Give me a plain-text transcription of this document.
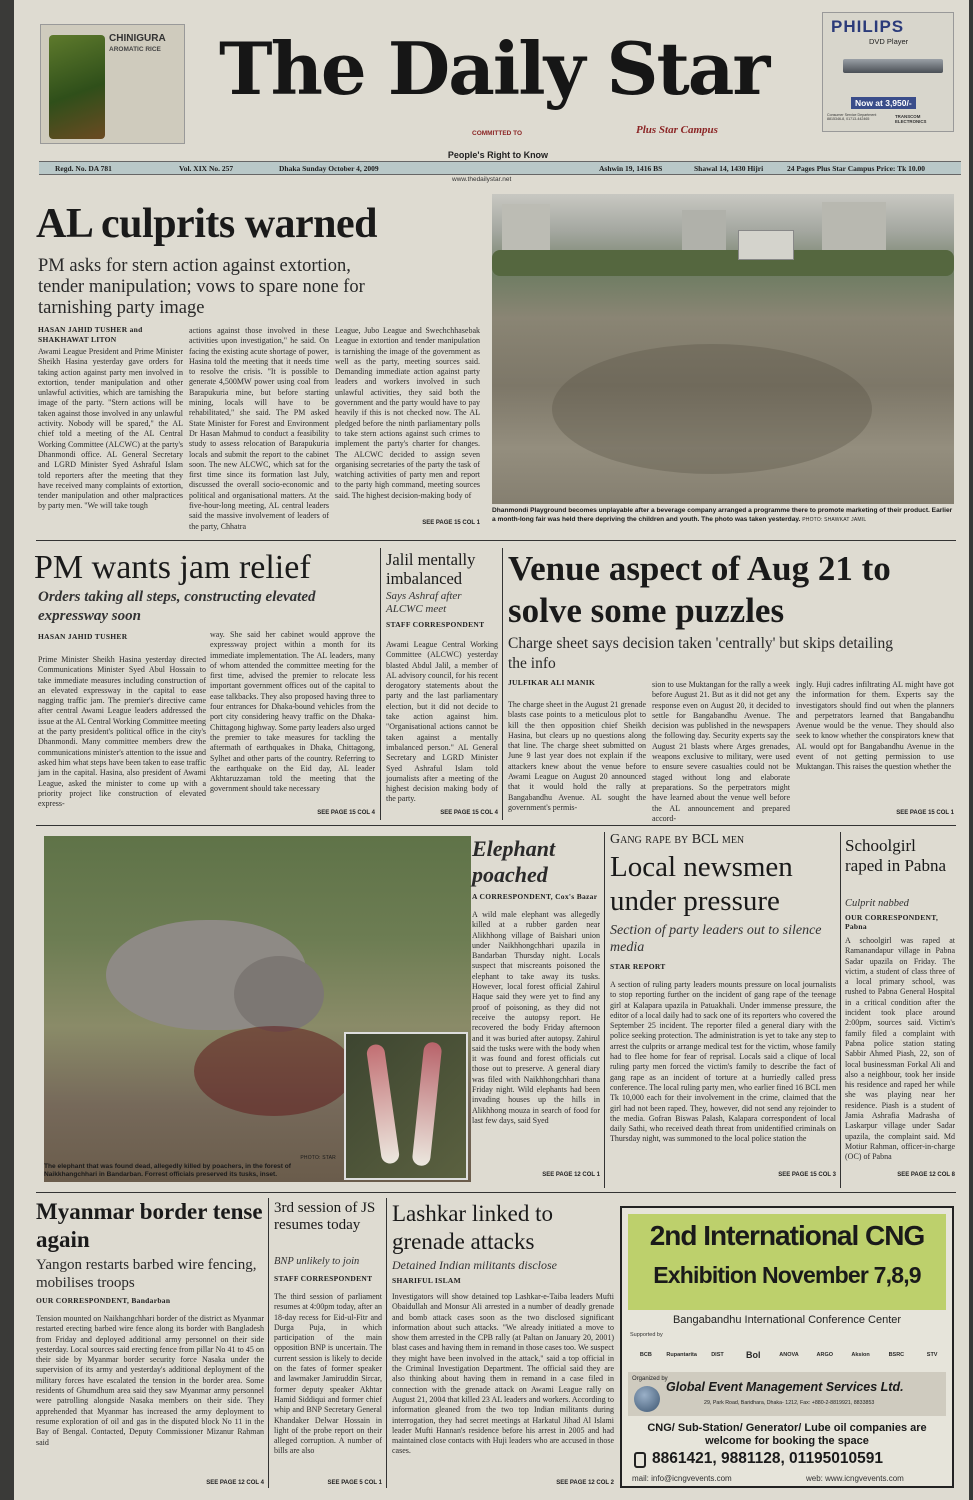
CHINIGURA
AROMATIC RICE The Daily Star
COMMITTED TO
People's Right to Know
PHILIPS
DVD Player
Now at 3,950/-
Consumer Service Department 8815346-8, 01713-442465
TRANSCOM ELECTRONICS
Plus Star Campus
Regd. No. DA 781	Vol. XIX No. 257	Dhaka Sunday October 4, 2009	Ashwin 19, 1416 BS	Shawal 14, 1430 Hijri	24 Pages Plus Star Campus Price: Tk 10.00
www.thedailystar.net
AL culprits warned
PM asks for stern action against extortion, tender manipulation; vows to spare none for tarnishing party image
HASAN JAHID TUSHER and SHAKHAWAT LITON
Awami League President and Prime Minister Sheikh Hasina yesterday gave orders for taking action against party men involved in extortion, tender manipulation and other unlawful activities, which are tarnishing the image of the party. "Stern actions will be taken against those involved in any unlawful activity. Nobody will be spared," the AL chief told a meeting of the AL Central Working Committee (ALCWC) at the party's Dhanmondi office. AL General Secretary and LGRD Minister Syed Ashraful Islam told reporters after the meeting that they have received many complaints of extortion, tender manipulation and other malpractices by party men. "We will take tough
actions against those involved in these activities upon investigation," he said. On facing the existing acute shortage of power, Hasina told the meeting that it needs time to resolve the crisis. "It is possible to generate 4,500MW power using coal from Barapukuria mine, but before starting mining, locals will have to be rehabilitated," she said. The PM asked State Minister for Forest and Environment Dr Hasan Mahmud to conduct a feasibility study to assess relocation of Barapukuria locals and submit the report to the cabinet soon. The new ALCWC, which sat for the first time since its formation last July, discussed the overall socio-economic and political and organisational matters. At the five-hour-long meeting, AL central leaders said the massive involvement of leaders of the party, Chhatra
League, Jubo League and Swechchhasebak League in extortion and tender manipulation is tarnishing the image of the government as well as the party, meeting sources said. Demanding immediate action against party leaders and workers involved in such unlawful activities, they said both the government and the party would have to pay heavily if this is not checked now. The AL pledged before the ninth parliamentary polls to take stern actions against such crimes to implement the party's charter for changes. The ALCWC decided to assign seven organising secretaries of the party the task of watching activities of party men and report to the party high command, meeting sources said. The highest decision-making body of
SEE PAGE 15 COL 1
Dhanmondi Playground becomes unplayable after a beverage company arranged a programme there to promote marketing of their product. Earlier a month-long fair was held there depriving the children and youth. The photo was taken yesterday. PHOTO: SHAWKAT JAMIL
PM wants jam relief
Orders taking all steps, constructing elevated expressway soon
HASAN JAHID TUSHER
Prime Minister Sheikh Hasina yesterday directed Communications Minister Syed Abul Hossain to take immediate measures including construction of an elevated expressway in the capital to ease nagging traffic jam. The premier's directive came after central Awami League leaders addressed the issue at the AL Central Working Committee meeting at the party president's political office in the city's Dhanmondi. Many committee members drew the communications minister's attention to the issue and asked him what steps have been taken to ease traffic jam in the capital. Hasina, also president of Awami League, asked the minister to come up with a priority project like construction of elevated express-
way. She said her cabinet would approve the expressway project within a month for its immediate implementation. The AL leaders, many of whom attended the committee meeting for the first time, advised the premier to relocate less important government offices out of the capital to ease talkbacks. They also proposed having three to four entrances for Dhaka-bound vehicles from the port city considering heavy traffic on the Dhaka-Chittagong highway. Some party leaders also urged the premier to take measures for tackling the aftermath of earthquakes in Dhaka, Chittagong, Sylhet and other parts of the country. Referring to the earthquake on the Eid day, AL leader Akhtaruzzaman told the meeting that the government should take necessary
SEE PAGE 15 COL 4
Jalil mentally imbalanced
Says Ashraf after ALCWC meet
STAFF CORRESPONDENT
Awami League Central Working Committee (ALCWC) yesterday blasted Abdul Jalil, a member of AL advisory council, for his recent derogatory statements about the party and the last parliamentary election, but it did not decide to take action against him. "Organisational actions cannot be taken against a mentally imbalanced person." AL General Secretary and LGRD Minister Syed Ashraful Islam told journalists after a meeting of the highest decision making body of the party.
SEE PAGE 15 COL 4
Venue aspect of Aug 21 to solve some puzzles
Charge sheet says decision taken 'centrally' but skips detailing the info
JULFIKAR ALI MANIK
The charge sheet in the August 21 grenade blasts case points to a meticulous plot to kill the then opposition chief Sheikh Hasina, but clears up no questions along that line. The charge sheet submitted on June 9 last year does not explain if the attackers knew about the venue before Awami League on August 20 announced that it would hold the rally at Bangabandhu Avenue. AL sought the government's permis-
sion to use Muktangan for the rally a week before August 21. But as it did not get any response even on August 20, it decided to settle for Bangabandhu Avenue. The decision was published in the newspapers the following day. Security experts say the August 21 blasts where Arges grenades, weapons exclusive to military, were used to ensure severe casualties could not be staged without long and elaborate preparations. So the perpetrators might have learned about the venue well before the AL announcement and prepared accord-
ingly. Huji cadres infiltrating AL might have got the information for them. Experts say the investigators should find out when the planners and perpetrators learned that Bangabandhu Avenue would be the venue. They should also seek to know whether the conspirators knew that AL would opt for Bangabandhu Avenue in the event of not getting permission to use Muktangan. This raises the question whether the
SEE PAGE 15 COL 1
PHOTO: STAR
The elephant that was found dead, allegedly killed by poachers, in the forest of Naikkhangchhari in Bandarban. Forrest officials preserved its tusks, inset.
Elephant poached
A CORRESPONDENT, Cox's Bazar
A wild male elephant was allegedly killed at a rubber garden near Alikhhong village of Baishari union under Naikhhongchhari upazila in Bandarban Thursday night. Locals suspect that miscreants poisoned the elephant to take away its tusks. However, local forest official Zahirul Haque said they were yet to find any proof of poisoning, as they did not receive the autopsy report. He recovered the body Friday afternoon and it was buried after autopsy. Zahirul said the tusks were with the body when it was found and forest officials cut those out to preserve. A general diary was filed with Naikhhongchhari thana Friday night. Wild elephants had been invading houses up the hills in Alikhhong mouza in search of food for last few days, said Syed
SEE PAGE 12 COL 1
Gang rape by BCL men
Local newsmen under pressure
Section of party leaders out to silence media
STAR REPORT
A section of ruling party leaders mounts pressure on local journalists to stop reporting further on the incident of gang rape of the teenage girl at Kalapara upazila in Patuakhali. Under immense pressure, the editor of a local daily had to sack one of its reporters who covered the September 25 incident. The reporter filed a general diary with the police seeking protection. The administration is yet to take any step to arrest the culprits or arrange medical test for the victim, whose family had to flee home for fear of reprisal. Locals said a clique of local ruling party men forced the victim's family to describe the fact of gang rape as an incident of torture at a hurriedly called press conference. The local ruling party men, who earlier fined 16 BCL men Tk 10,000 each for their involvement in the crime, claimed that the girl had not been raped. They, however, did not send any rejoinder to the media. Gofran Biswas Palash, Kalapara correspondent of local daily Sathi, who received death threat from unidentified criminals on Thursday night, was summoned to the local police station the
SEE PAGE 15 COL 3
Schoolgirl raped in Pabna
Culprit nabbed
OUR CORRESPONDENT, Pabna
A schoolgirl was raped at Ramanandapur village in Pabna Sadar upazila on Friday. The victim, a student of class three of a local primary school, was rushed to Pabna General Hospital in a critical condition after the incident took place around 2:00pm, sources said. Victim's family filed a complaint with Pabna police station stating Sabbir Ahmed Piash, 22, son of local businessman Forkal Ali and also a neighbour, took her inside his residence and raped her while she was playing near her residence. Piash is a student of Jamia Ashrafia Madrasha of Laskarpur village under Sadar upazila, the complaint said. Md Motiur Rahman, officer-in-charge (OC) of Pabna
SEE PAGE 12 COL 8
Myanmar border tense again
Yangon restarts barbed wire fencing, mobilises troops
OUR CORRESPONDENT, Bandarban
Tension mounted on Naikhangchhari border of the district as Myanmar restarted erecting barbed wire fence along its border with Bangladesh from Friday and deployed additional army personnel on their side yesterday. Local sources said erecting fence from pillar No 41 to 45 on their side by Myanmar border security force Nasaka under the supervision of its army and yesterday's additional deployment of the military forces have escalated the tension in the border area. Some residents of Ghumdhum area said they saw Myanmar army personnel were patrolling alongside Nasaka members on their side. They apprehended that Myanmar has increased the army deployment to resume exploration of oil and gas in the disputed block No 11 in the Bay of Bengal. Contacted, Deputy Commissioner Mizanur Rahman said
SEE PAGE 12 COL 4
3rd session of JS resumes today
BNP unlikely to join
STAFF CORRESPONDENT
The third session of parliament resumes at 4:00pm today, after an 18-day recess for Eid-ul-Fitr and Durga Puja, in which participation of the main opposition BNP is uncertain. The current session is likely to decide on the fates of former speaker and lawmaker Jamiruddin Sircar, former deputy speaker Akhtar Hamid Siddiqui and former chief whip and BNP Secretary General Khandaker Delwar Hossain in light of the probe report on their alleged corruption. A number of bills are also
SEE PAGE 5 COL 1
Lashkar linked to grenade attacks
Detained Indian militants disclose
SHARIFUL ISLAM
Investigators will show detained top Lashkar-e-Taiba leaders Mufti Obaidullah and Monsur Ali arrested in a number of deadly grenade and bomb attack cases soon as the two disclosed significant information about such attacks. "We already initiated a move to show them arrested in the CPB rally (at Paltan on January 20, 2001) blast cases and having them in remand in those cases too. We suspect they might have been involved in the attack," said a top official in the Criminal Investigation Department. The official said they are also thinking about having them in remand in a case filed in connection with the grenade attack on Awami League rally on August 21, 2004 that killed 23 AL leaders and workers. According to information gleaned from the two top Indian militants during interrogation, they had secret meetings at Harkatul Jihad Al Islami leader Mufti Hannan's residence before his arrest in 2005 and had maintained close contacts with Huji leaders who are accused in those cases.
SEE PAGE 12 COL 2
2nd International CNG
Exhibition November 7,8,9
Bangabandhu International Conference Center
Supported by
BCB	Rupantarita	DIST	Bol	ANOVA	ARGO	Aksion	BSRC	STV
Organized by
Global Event Management Services Ltd.
29, Park Road, Baridhara, Dhaka- 1212, Fax: +880-2-8819921, 8833853
CNG/ Sub-Station/ Generator/ Lube oil companies are welcome for booking the space
8861421, 9881128, 01195010591
mail: info@icngvevents.com	web: www.icngvevents.com
